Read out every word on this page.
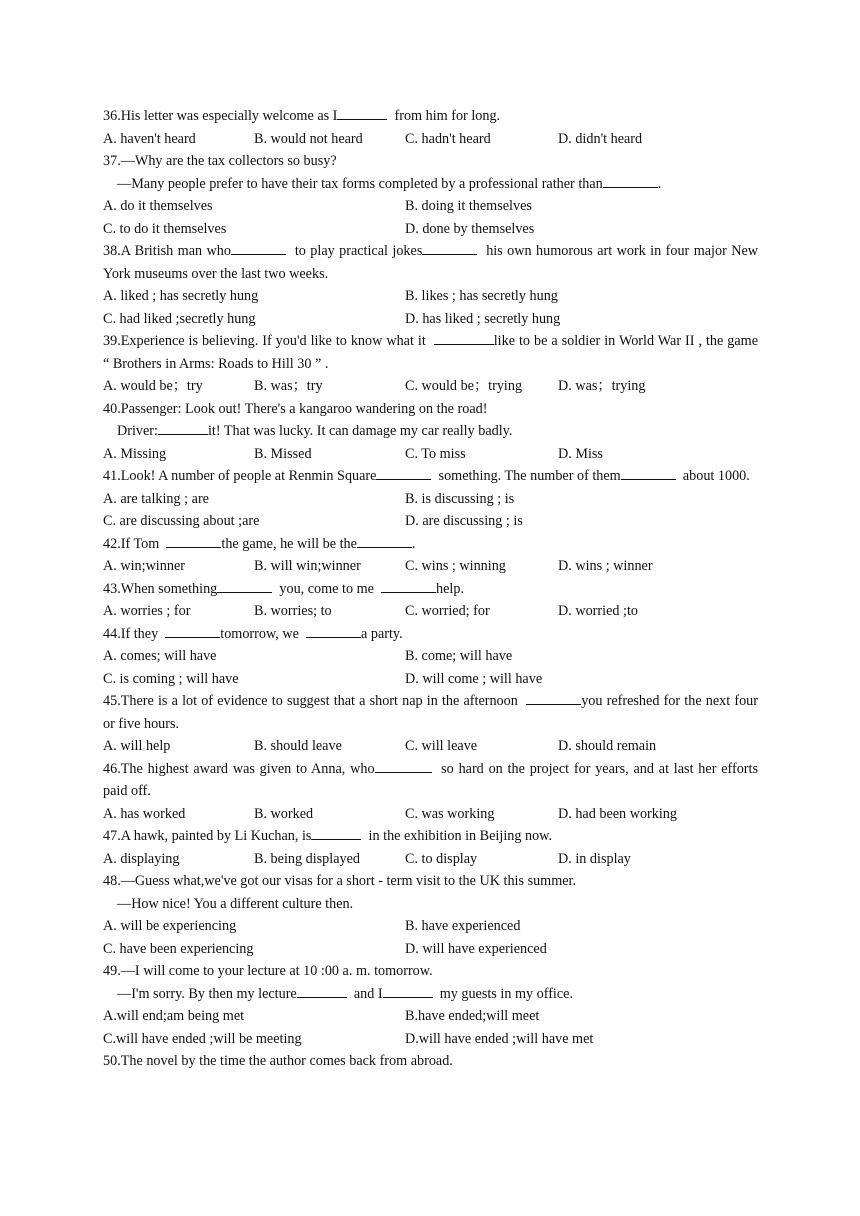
36.His letter was especially welcome as I	from him for long.
A. haven't heard	B. would not heard	C. hadn't heard	D. didn't heard
37.—Why are the tax collectors so busy?
—Many people prefer to have their tax forms completed by a professional rather than	.
A. do it themselves	B. doing it themselves
C. to do it themselves	D. done by themselves
38.A British man who	to play practical jokes	his own humorous art work in four major New York museums over the last two weeks.
A. liked ; has secretly hung	B. likes ; has secretly hung
C. had liked ;secretly hung	D. has liked ; secretly hung
39.Experience is believing. If you'd like to know what it	like to be a soldier in World War II , the game “ Brothers in Arms: Roads to Hill 30 ” .
A. would be；try	B. was；try	C. would be；trying	D. was；trying
40.Passenger: Look out! There's a kangaroo wandering on the road!
Driver:	it! That was lucky. It can damage my car really badly.
A. Missing	B. Missed	C. To miss	D. Miss
41.Look! A number of people at Renmin Square	something. The number of them	about 1000.
A. are talking ; are	B. is discussing ; is
C. are discussing about ;are	D. are discussing ; is
42.If Tom	the game, he will be the	.
A. win;winner	B. will win;winner	C. wins ; winning	D. wins ; winner
43.When something	you, come to me	help.
A. worries ; for	B. worries; to	C. worried; for	D. worried ;to
44.If they	tomorrow, we	a party.
A. comes; will have	B. come; will have
C. is coming ; will have	D. will come ; will have
45.There is a lot of evidence to suggest that a short nap in the afternoon	you refreshed for the next four or five hours.
A. will help	B. should leave	C. will leave	D. should remain
46.The highest award was given to Anna, who	so hard on the project for years, and at last her efforts paid off.
A. has worked	B. worked	C. was working	D. had been working
47.A hawk, painted by Li Kuchan, is	in the exhibition in Beijing now.
A. displaying	B. being displayed	C. to display	D. in display
48.—Guess what,we've got our visas for a short - term visit to the UK this summer.
—How nice! You a different culture then.
A. will be experiencing	B. have experienced
C. have been experiencing	D. will have experienced
49.—I will come to your lecture at 10 :00 a. m. tomorrow.
—I'm sorry. By then my lecture	and I	my guests in my office.
A.will end;am being met	B.have ended;will meet
C.will have ended ;will be meeting	D.will have ended ;will have met
50.The novel by the time the author comes back from abroad.
